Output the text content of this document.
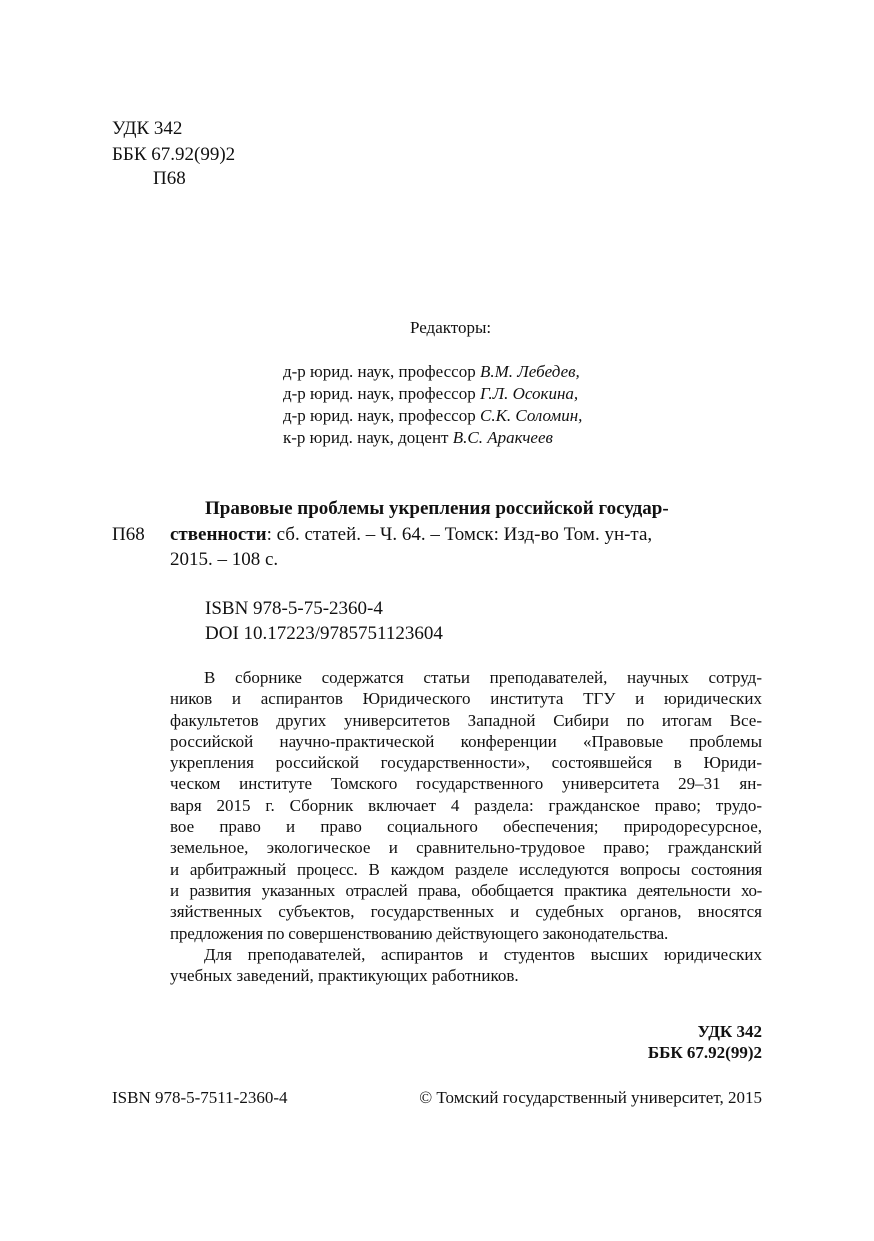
УДК 342
ББК 67.92(99)2
П68
Редакторы:
д-р юрид. наук, профессор В.М. Лебедев,
д-р юрид. наук, профессор Г.Л. Осокина,
д-р юрид. наук, профессор С.К. Соломин,
к-р юрид. наук, доцент В.С. Аракчеев
Правовые проблемы укрепления российской государ-
П68 ственности: сб. статей. – Ч. 64. – Томск: Изд-во Том. ун-та,
2015. – 108 с.
ISBN 978-5-75-2360-4
DOI 10.17223/9785751123604
В сборнике содержатся статьи преподавателей, научных сотруд-
ников и аспирантов Юридического института ТГУ и юридических
факультетов других университетов Западной Сибири по итогам Все-
российской научно-практической конференции «Правовые проблемы
укрепления российской государственности», состоявшейся в Юриди-
ческом институте Томского государственного университета 29–31 ян-
варя 2015 г. Сборник включает 4 раздела: гражданское право; трудо-
вое право и право социального обеспечения; природоресурсное,
земельное, экологическое и сравнительно-трудовое право; гражданский
и арбитражный процесс. В каждом разделе исследуются вопросы состояния
и развития указанных отраслей права, обобщается практика деятельности хо-
зяйственных субъектов, государственных и судебных органов, вносятся
предложения по совершенствованию действующего законодательства.
Для преподавателей, аспирантов и студентов высших юридических
учебных заведений, практикующих работников.
УДК 342
ББК 67.92(99)2
ISBN 978-5-7511-2360-4	© Томский государственный университет, 2015
